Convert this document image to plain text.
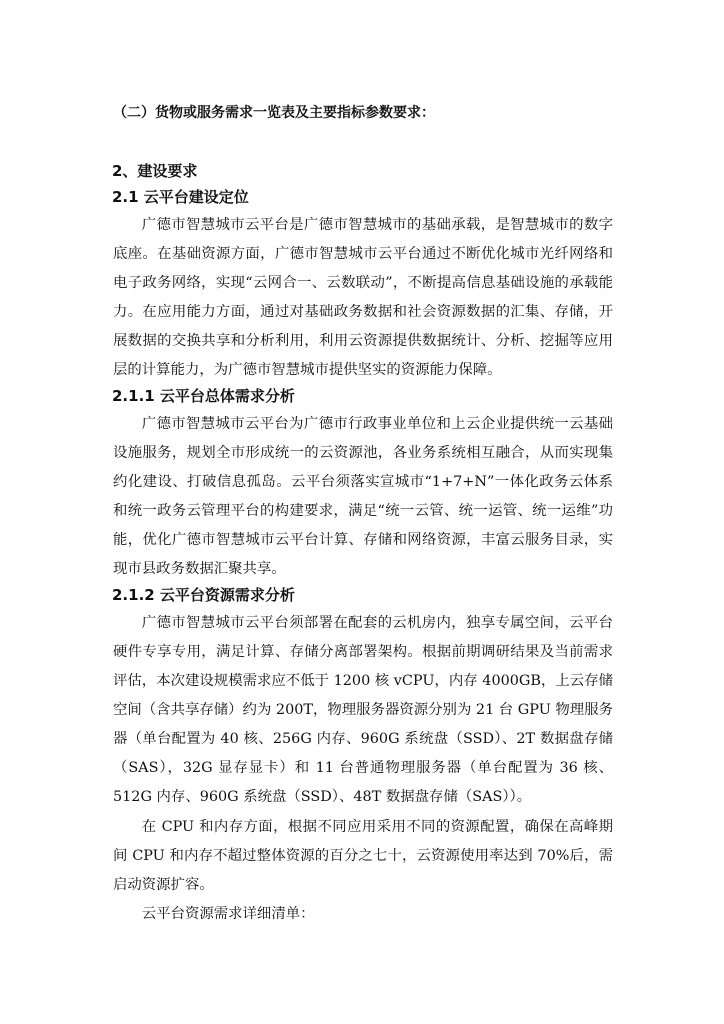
（二）货物或服务需求一览表及主要指标参数要求：
2、建设要求
2.1 云平台建设定位

广德市智慧城市云平台是广德市智慧城市的基础承载，是智慧城市的数字底座。在基础资源方面，广德市智慧城市云平台通过不断优化城市光纤网络和电子政务网络，实现“云网合一、云数联动”，不断提高信息基础设施的承载能力。在应用能力方面，通过对基础政务数据和社会资源数据的汇集、存储，开展数据的交换共享和分析利用，利用云资源提供数据统计、分析、挖掘等应用层的计算能力，为广德市智慧城市提供坚实的资源能力保障。

2.1.1 云平台总体需求分析

广德市智慧城市云平台为广德市行政事业单位和上云企业提供统一云基础设施服务，规划全市形成统一的云资源池，各业务系统相互融合，从而实现集约化建设、打破信息孤岛。云平台须落实宣城市“1+7+N”一体化政务云体系和统一政务云管理平台的构建要求，满足“统一云管、统一运管、统一运维”功能，优化广德市智慧城市云平台计算、存储和网络资源，丰富云服务目录，实现市县政务数据汇聚共享。

2.1.2 云平台资源需求分析

广德市智慧城市云平台须部署在配套的云机房内，独享专属空间，云平台硬件专享专用，满足计算、存储分离部署架构。根据前期调研结果及当前需求评估，本次建设规模需求应不低于 1200 核 vCPU，内存 4000GB，上云存储空间（含共享存储）约为 200T，物理服务器资源分别为 21 台 GPU 物理服务器（单台配置为 40 核、256G 内存、960G 系统盘（SSD）、2T 数据盘存储（SAS），32G 显存显卡）和 11 台普通物理服务器（单台配置为 36 核、512G 内存、960G 系统盘（SSD）、48T 数据盘存储（SAS））。

在 CPU 和内存方面，根据不同应用采用不同的资源配置，确保在高峰期间 CPU 和内存不超过整体资源的百分之七十，云资源使用率达到 70%后，需启动资源扩容。

云平台资源需求详细清单：
